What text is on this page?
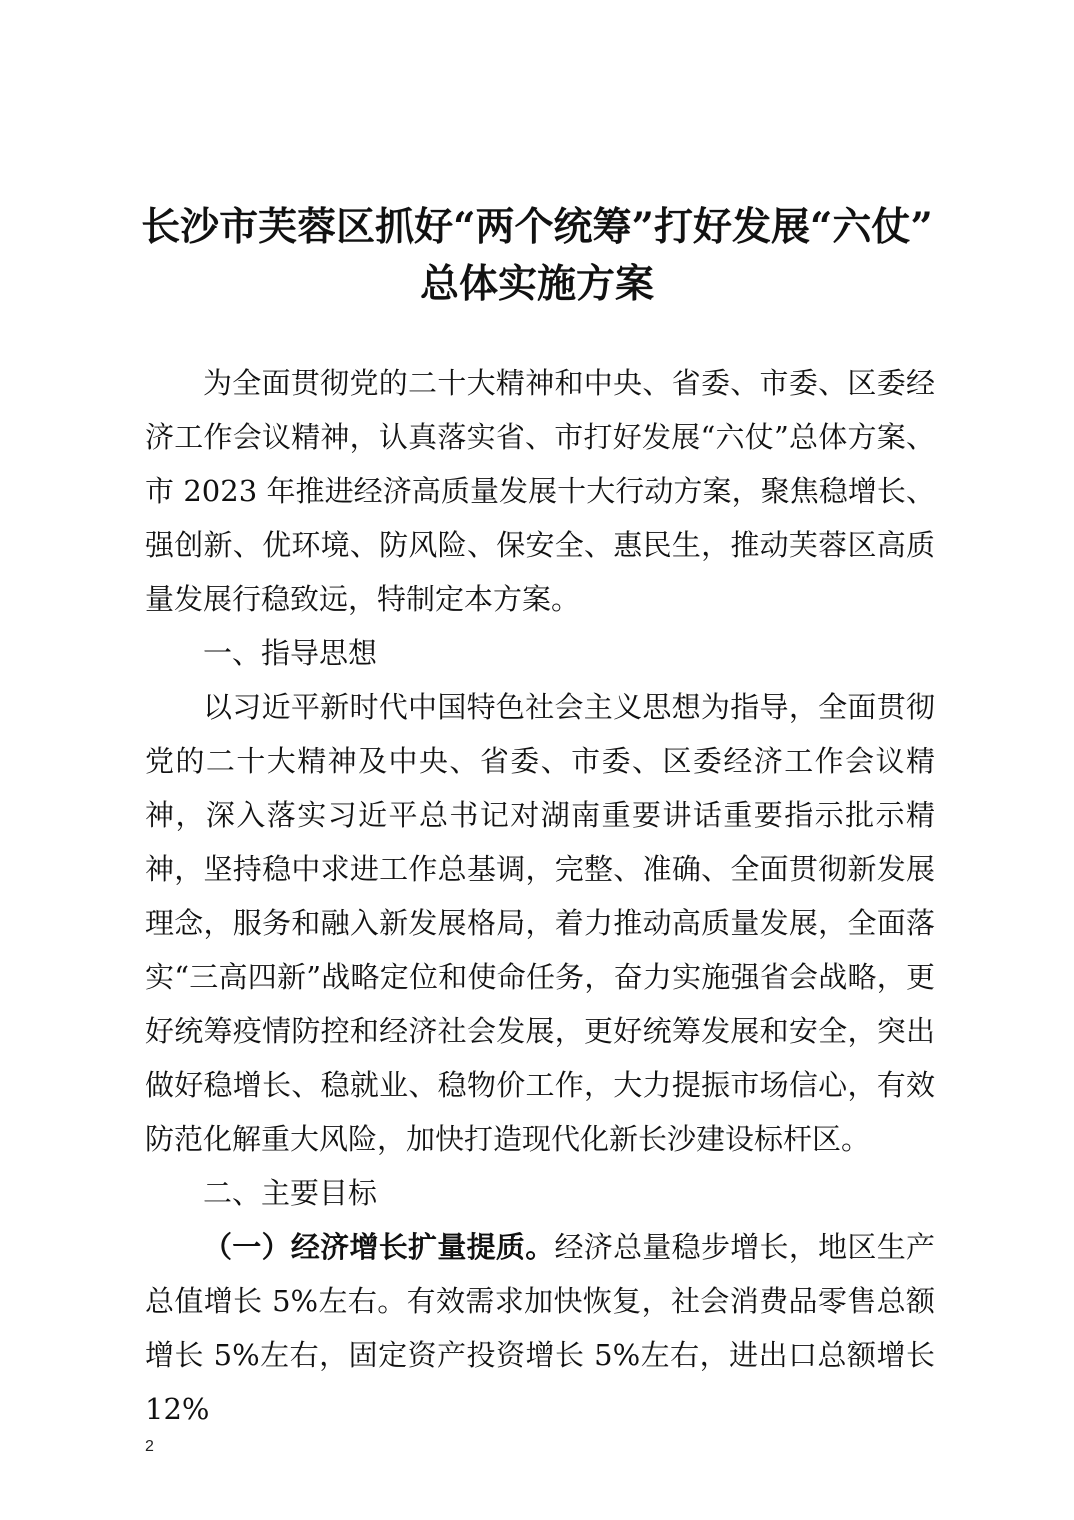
长沙市芙蓉区抓好“两个统筹”打好发展“六仗”
总体实施方案

为全面贯彻党的二十大精神和中央、省委、市委、区委经济工作会议精神，认真落实省、市打好发展“六仗”总体方案、市 2023 年推进经济高质量发展十大行动方案，聚焦稳增长、强创新、优环境、防风险、保安全、惠民生，推动芙蓉区高质量发展行稳致远，特制定本方案。

一、指导思想

以习近平新时代中国特色社会主义思想为指导，全面贯彻党的二十大精神及中央、省委、市委、区委经济工作会议精神，深入落实习近平总书记对湖南重要讲话重要指示批示精神，坚持稳中求进工作总基调，完整、准确、全面贯彻新发展理念，服务和融入新发展格局，着力推动高质量发展，全面落实“三高四新”战略定位和使命任务，奋力实施强省会战略，更好统筹疫情防控和经济社会发展，更好统筹发展和安全，突出做好稳增长、稳就业、稳物价工作，大力提振市场信心，有效防范化解重大风险，加快打造现代化新长沙建设标杆区。

二、主要目标

（一）经济增长扩量提质。经济总量稳步增长，地区生产总值增长 5%左右。有效需求加快恢复，社会消费品零售总额增长 5%左右，固定资产投资增长 5%左右，进出口总额增长 12%

2
